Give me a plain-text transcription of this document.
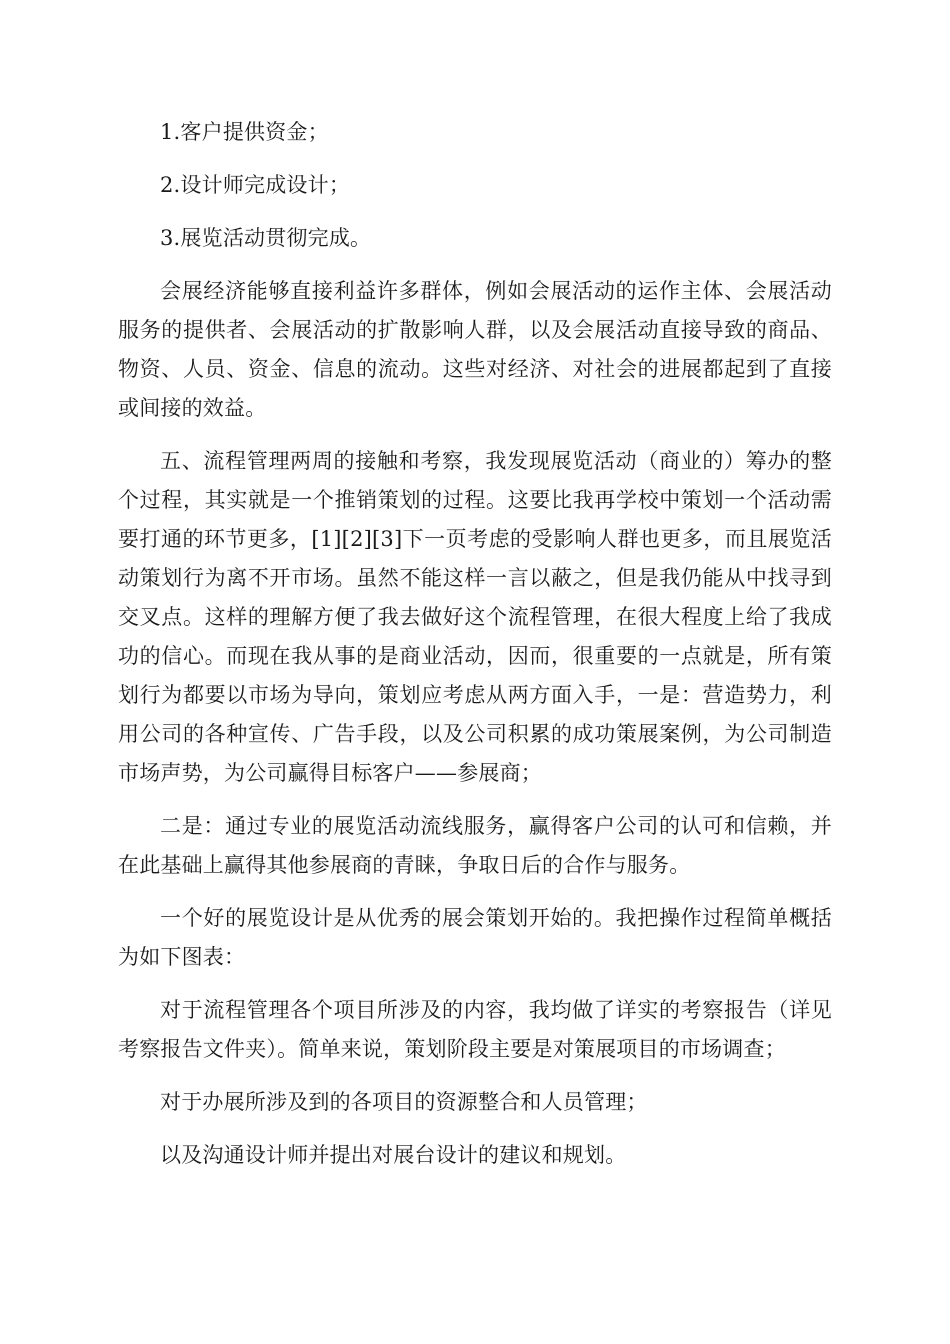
1.客户提供资金；

2.设计师完成设计；

3.展览活动贯彻完成。

会展经济能够直接利益许多群体，例如会展活动的运作主体、会展活动服务的提供者、会展活动的扩散影响人群，以及会展活动直接导致的商品、物资、人员、资金、信息的流动。这些对经济、对社会的进展都起到了直接或间接的效益。

五、流程管理两周的接触和考察，我发现展览活动（商业的）筹办的整个过程，其实就是一个推销策划的过程。这要比我再学校中策划一个活动需要打通的环节更多，[1][2][3]下一页考虑的受影响人群也更多，而且展览活动策划行为离不开市场。虽然不能这样一言以蔽之，但是我仍能从中找寻到交叉点。这样的理解方便了我去做好这个流程管理，在很大程度上给了我成功的信心。而现在我从事的是商业活动，因而，很重要的一点就是，所有策划行为都要以市场为导向，策划应考虑从两方面入手，一是：营造势力，利用公司的各种宣传、广告手段，以及公司积累的成功策展案例，为公司制造市场声势，为公司赢得目标客户——参展商；

二是：通过专业的展览活动流线服务，赢得客户公司的认可和信赖，并在此基础上赢得其他参展商的青睐，争取日后的合作与服务。

一个好的展览设计是从优秀的展会策划开始的。我把操作过程简单概括为如下图表：

对于流程管理各个项目所涉及的内容，我均做了详实的考察报告（详见考察报告文件夹）。简单来说，策划阶段主要是对策展项目的市场调查；

对于办展所涉及到的各项目的资源整合和人员管理；

以及沟通设计师并提出对展台设计的建议和规划。
